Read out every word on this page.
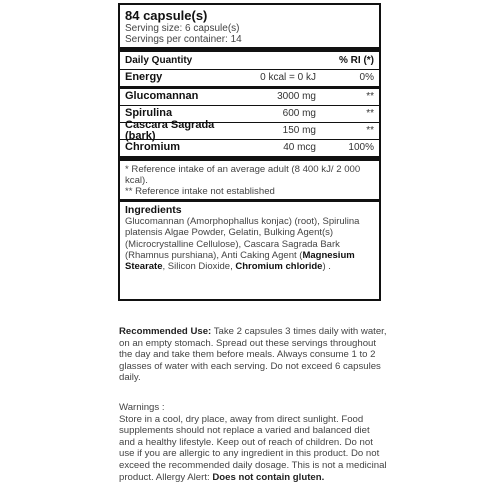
84 capsule(s)
Serving size: 6 capsule(s)
Servings per container: 14
Daily Quantity	% RI (*)
Energy	0 kcal = 0 kJ	0%
Glucomannan	3000 mg	**
Spirulina	600 mg	**
Cascara Sagrada (bark)	150 mg	**
Chromium	40 mcg	100%
* Reference intake of an average adult (8 400 kJ/ 2 000 kcal).
** Reference intake not established
Ingredients
Glucomannan (Amorphophallus konjac) (root), Spirulina platensis Algae Powder, Gelatin, Bulking Agent(s) (Microcrystalline Cellulose), Cascara Sagrada Bark (Rhamnus purshiana), Anti Caking Agent (Magnesium Stearate, Silicon Dioxide, Chromium chloride) .
Recommended Use: Take 2 capsules 3 times daily with water, on an empty stomach. Spread out these servings throughout the day and take them before meals. Always consume 1 to 2 glasses of water with each serving. Do not exceed 6 capsules daily.
Warnings :
Store in a cool, dry place, away from direct sunlight. Food supplements should not replace a varied and balanced diet and a healthy lifestyle. Keep out of reach of children. Do not use if you are allergic to any ingredient in this product. Do not exceed the recommended daily dosage. This is not a medicinal product. Allergy Alert: Does not contain gluten.
